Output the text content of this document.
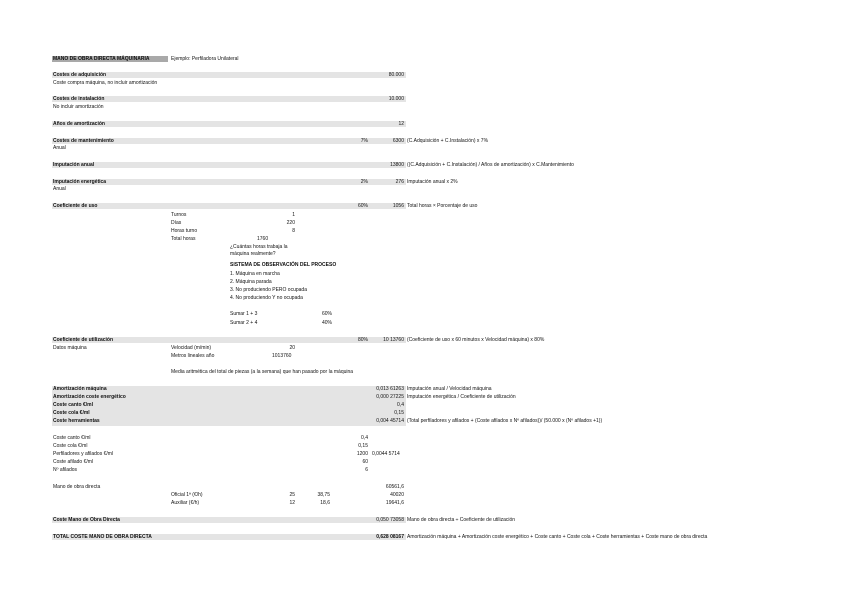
MANO DE OBRA DIRECTA MÁQUINARIA	Ejemplo: Perfiladora Unilateral
Costes de adquisición	80.000
Coste compra máquina, no incluir amortización
Costes de instalación	10.000
No incluir amortización
Años de amortización	12
Costes de mantenimiento	7%	6300 (C.Adquisición + C.Instalación) x 7%
Anual
Imputación anual	13800 ((C.Adquisición + C.Instalación) / Años de amortización) x C.Mantenimiento
Imputación energética	2%	276 Imputación anual x 2%
Anual
Coeficiente de uso	60%	1056 Total horas × Porcentaje de uso
Turnos	1
Días	220
Horas turno	8
Total horas	1760
¿Cuántas horas trabaja la
máquina realmente?
SISTEMA DE OBSERVACIÓN DEL PROCESO
1. Máquina en marcha
2. Máquina parada
3. No produciendo PERO ocupada
4. No produciendo Y no ocupada
Sumar 1 + 3	60%
Sumar 2 + 4	40%
Coeficiente de utilización	80%	10 13760 (Coeficiente de uso x 60 minutos x Velocidad máquina) x 80%
Datos máquina	Velocidad (m/min)	20
Metros lineales año	1013760
Media aritmética del total de piezas (a la semana) que han pasado por la máquina
Amortización máquina	0,013 61263 Imputación anual / Velocidad máquina
Amortización coste energético	0,000 27225 Imputación energética / Coeficiente de utilización
Coste canto €/ml	0,4
Coste cola €/ml	0,15
Coste herramientas	0,004 45714 (Total perfiladores y afilados + (Coste afilados x Nº afilados))/ (50.000 x (Nº afilados +1))
Coste canto €/ml	0,4
Coste cola €/ml	0,15
Perfiladores y afilados €/ml	1200 0,0044 5714
Coste afilado €/ml	60
Nº afilados	6
Mano de obra directa	60561,6
Oficial 1ª (€/h)	25	38,75	40020
Auxiliar (€/h)	12	18,6	19641,6
Coste Mano de Obra Directa	0,050 73058 Mano de obra directa ÷ Coeficiente de utilización
TOTAL COSTE MANO DE OBRA DIRECTA	0,628 08167 Amortización máquina + Amortización coste energético + Coste canto + Coste cola + Coste herramientas + Coste mano de obra directa
